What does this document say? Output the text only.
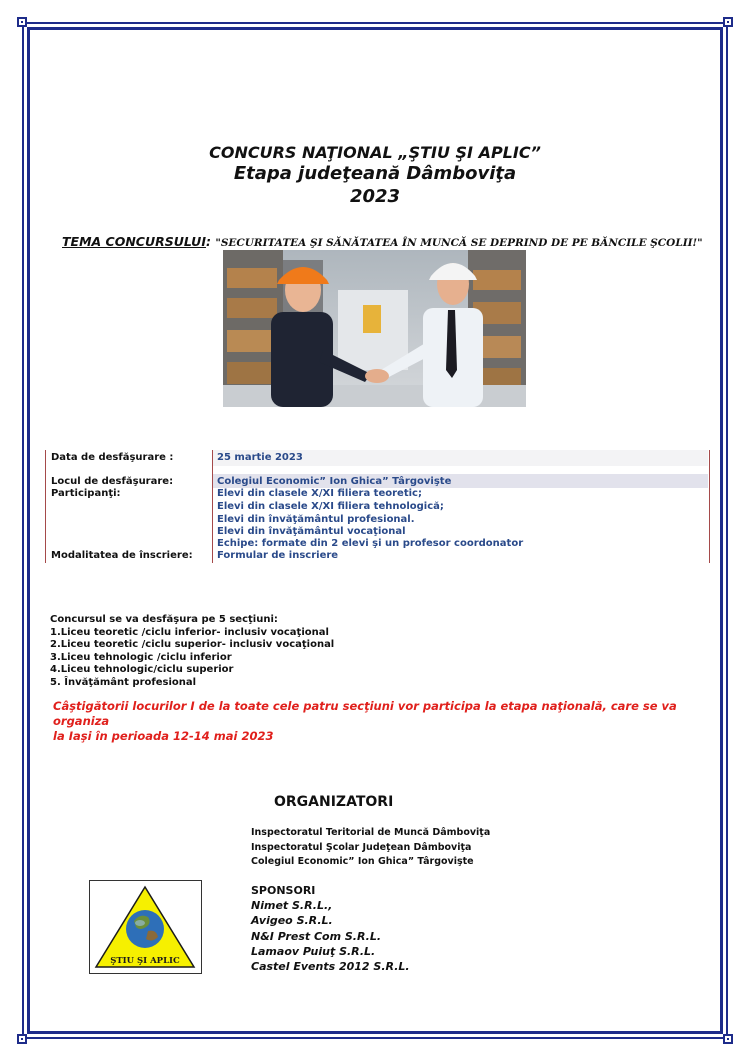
CONCURS NAŢIONAL „ŞTIU ŞI APLIC”
Etapa judeţeană Dâmboviţa
2023
TEMA CONCURSULUI: "SECURITATEA ŞI SĂNĂTATEA ÎN MUNCĂ SE DEPRIND DE PE BĂNCILE ŞCOLII!"
Data de desfăşurare :	25 martie 2023
Locul de desfăşurare:	Colegiul Economic” Ion Ghica” Târgovişte
Participanţi:	Elevi din clasele X/XI filiera teoretic;
Elevi din clasele X/XI filiera tehnologică;
Elevi din învăţământul profesional.
Elevi din învăţământul vocaţional
Echipe: formate din 2 elevi şi un profesor coordonator
Modalitatea de înscriere: Formular de inscriere
Concursul se va desfăşura pe 5 secţiuni:
1.Liceu teoretic /ciclu inferior- inclusiv vocaţional
2.Liceu teoretic /ciclu superior- inclusiv vocaţional
3.Liceu tehnologic /ciclu inferior
4.Liceu tehnologic/ciclu superior
5. Învăţământ profesional
Câştigătorii locurilor I de la toate cele patru secţiuni vor participa la etapa naţională, care se va organiza
la Iaşi în perioada 12-14 mai 2023
ORGANIZATORI
Inspectoratul Teritorial de Muncă Dâmboviţa
Inspectoratul Şcolar Judeţean Dâmboviţa
Colegiul Economic” Ion Ghica” Târgovişte
SPONSORI
Nimet S.R.L.,
Avigeo S.R.L.
N&I Prest Com S.R.L.
Lamaov Puiuţ S.R.L.
Castel Events 2012 S.R.L.
ŞTIU ŞI APLIC
